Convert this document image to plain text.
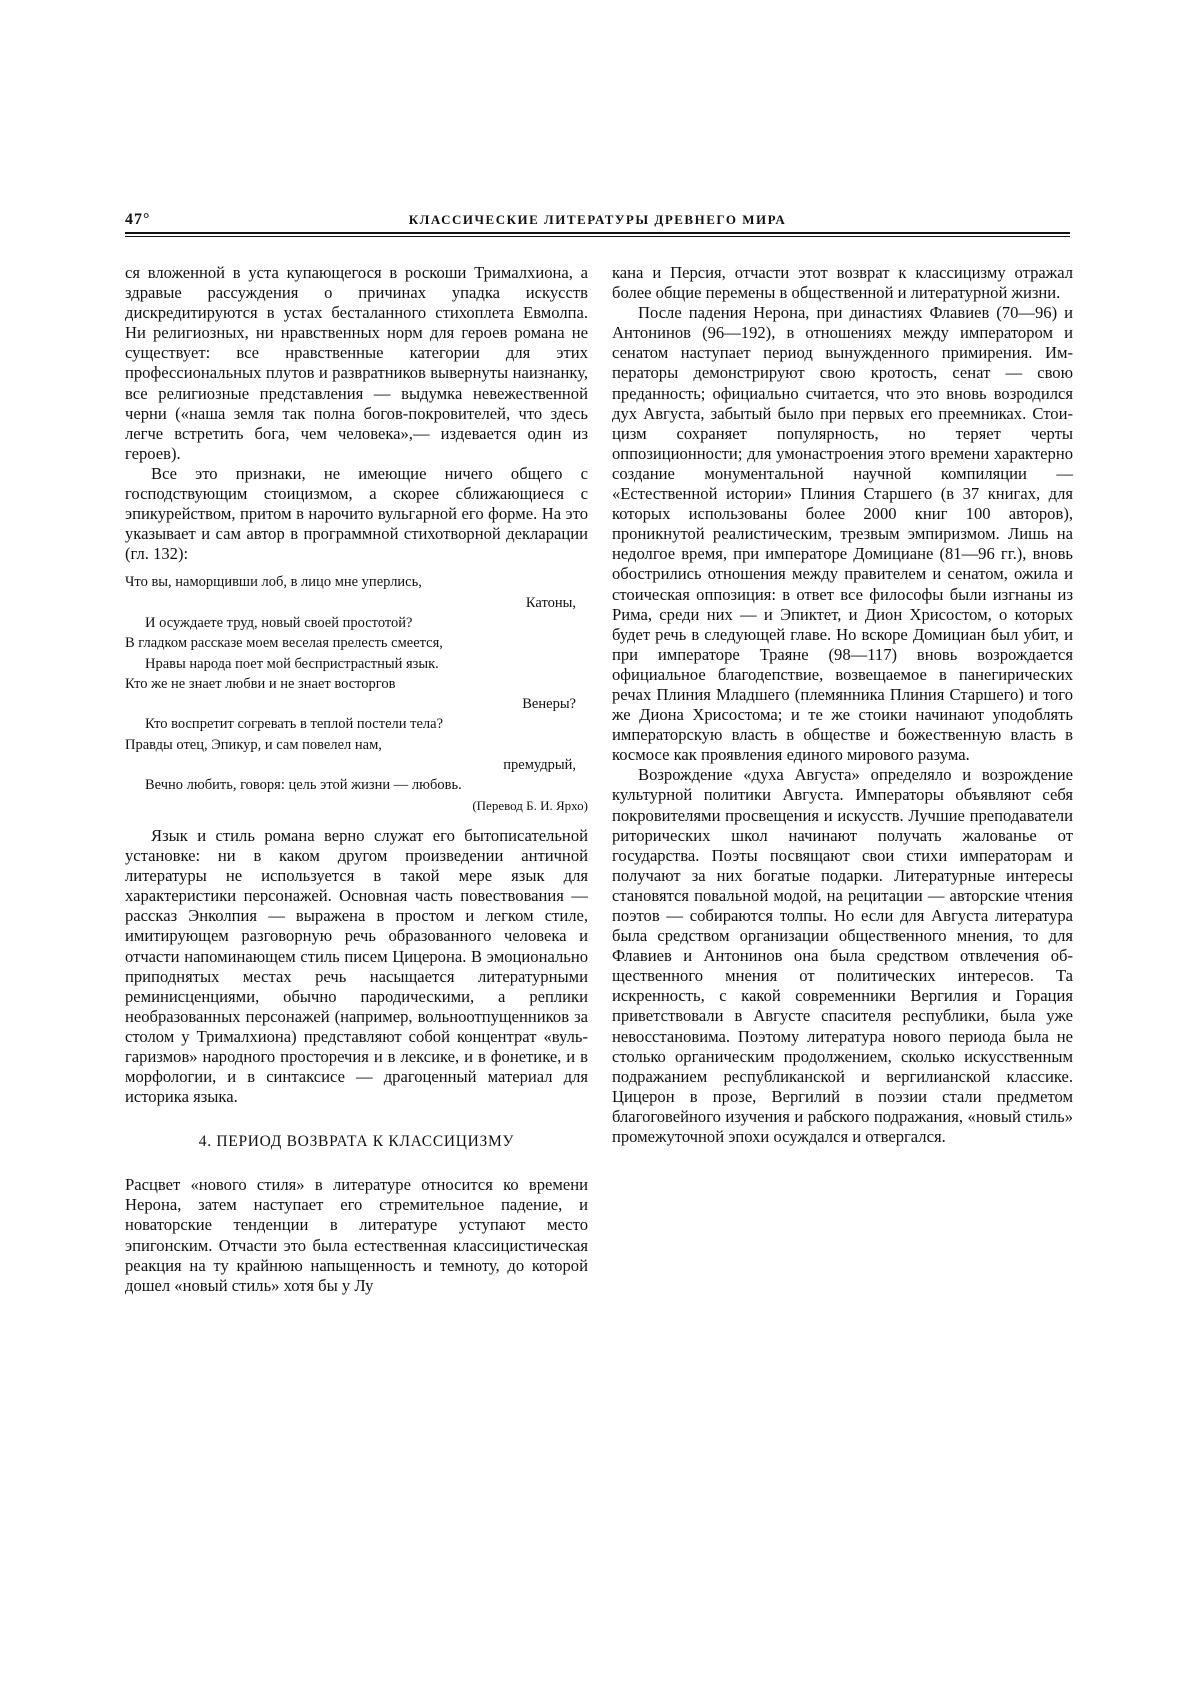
47°	КЛАССИЧЕСКИЕ ЛИТЕРАТУРЫ ДРЕВНЕГО МИРА

ся вложенной в уста купающегося в роскоши Трималхиона, а здравые рассуждения о причинах упадка искусств дискредитируются в устах бесталанного стихоплета Евмолпа. Ни религиозных, ни нравственных норм для героев романа не существует: все нравственные категории для этих профессиональных плутов и развратников вывернуты наизнанку, все религиозные представления — выдумка невежественной черни («наша земля так полна богов-покровителей, что здесь легче встретить бога, чем человека»,— издевается один из героев).

Все это признаки, не имеющие ничего общего с господствующим стоицизмом, а скорее сближающиеся с эпикурейством, притом в нарочито вульгарной его форме. На это указывает и сам автор в программной стихотворной декларации (гл. 132):

Что вы, наморщивши лоб, в лицо мне уперлись,
Катоны,
И осуждаете труд, новый своей простотой?
В гладком рассказе моем веселая прелесть смеется,
Нравы народа поет мой беспристрастный язык.
Кто же не знает любви и не знает восторгов
Венеры?
Кто воспретит согревать в теплой постели тела?
Правды отец, Эпикур, и сам повелел нам,
премудрый,
Вечно любить, говоря: цель этой жизни — любовь.
(Перевод Б. И. Ярхо)

Язык и стиль романа верно служат его бытописательной установке: ни в каком другом произведении античной литературы не используется в такой мере язык для характеристики персонажей. Основная часть повествования — рассказ Энколпия — выражена в простом и легком стиле, имитирующем разговорную речь образованного человека и отчасти напоминающем стиль писем Цицерона. В эмоционально приподнятых местах речь насыщается литературными реминисценциями, обычно пародическими, а реплики необразованных персонажей (например, вольноотпущенников за столом у Трималхиона) представляют собой концентрат «вульгаризмов» народного просторечия и в лексике, и в фонетике, и в морфологии, и в синтаксисе — драгоценный материал для историка языка.

4. ПЕРИОД ВОЗВРАТА К КЛАССИЦИЗМУ

Расцвет «нового стиля» в литературе относится ко времени Нерона, затем наступает его стремительное падение, и новаторские тенденции в литературе уступают место эпигонским. Отчасти это была естественная классицистическая реакция на ту крайнюю напыщенность и темноту, до которой дошел «новый стиль» хотя бы у Лу

кана и Персия, отчасти этот возврат к классицизму отражал более общие перемены в общественной и литературной жизни.

После падения Нерона, при династиях Флавиев (70—96) и Антонинов (96—192), в отношениях между императором и сенатом наступает период вынужденного примирения. Императоры демонстрируют свою кротость, сенат — свою преданность; официально считается, что это вновь возродился дух Августа, забытый было при первых его преемниках. Стоицизм сохраняет популярность, но теряет черты оппозиционности; для умонастроения этого времени характерно создание монументальной научной компиляции — «Естественной истории» Плиния Старшего (в 37 книгах, для которых использованы более 2000 книг 100 авторов), проникнутой реалистическим, трезвым эмпиризмом. Лишь на недолгое время, при императоре Домициане (81—96 гг.), вновь обострились отношения между правителем и сенатом, ожила и стоическая оппозиция: в ответ все философы были изгнаны из Рима, среди них — и Эпиктет, и Дион Хрисостом, о которых будет речь в следующей главе. Но вскоре Домициан был убит, и при императоре Траяне (98—117) вновь возрождается официальное благодепствие, возвещаемое в панегирических речах Плиния Младшего (племянника Плиния Старшего) и того же Диона Хрисостома; и те же стоики начинают уподоблять императорскую власть в обществе и божественную власть в космосе как проявления единого мирового разума.

Возрождение «духа Августа» определяло и возрождение культурной политики Августа. Императоры объявляют себя покровителями просвещения и искусств. Лучшие преподаватели риторических школ начинают получать жалованье от государства. Поэты посвящают свои стихи императорам и получают за них богатые подарки. Литературные интересы становятся повальной модой, на рецитации — авторские чтения поэтов — собираются толпы. Но если для Августа литература была средством организации общественного мнения, то для Флавиев и Антонинов она была средством отвлечения общественного мнения от политических интересов. Та искренность, с какой современники Вергилия и Горация приветствовали в Августе спасителя республики, была уже невосстановима. Поэтому литература нового периода была не столько органическим продолжением, сколько искусственным подражанием республиканской и вергилианской классике. Цицерон в прозе, Вергилий в поэзии стали предметом благоговейного изучения и рабского подражания, «новый стиль» промежуточной эпохи осуждался и отвергался.
